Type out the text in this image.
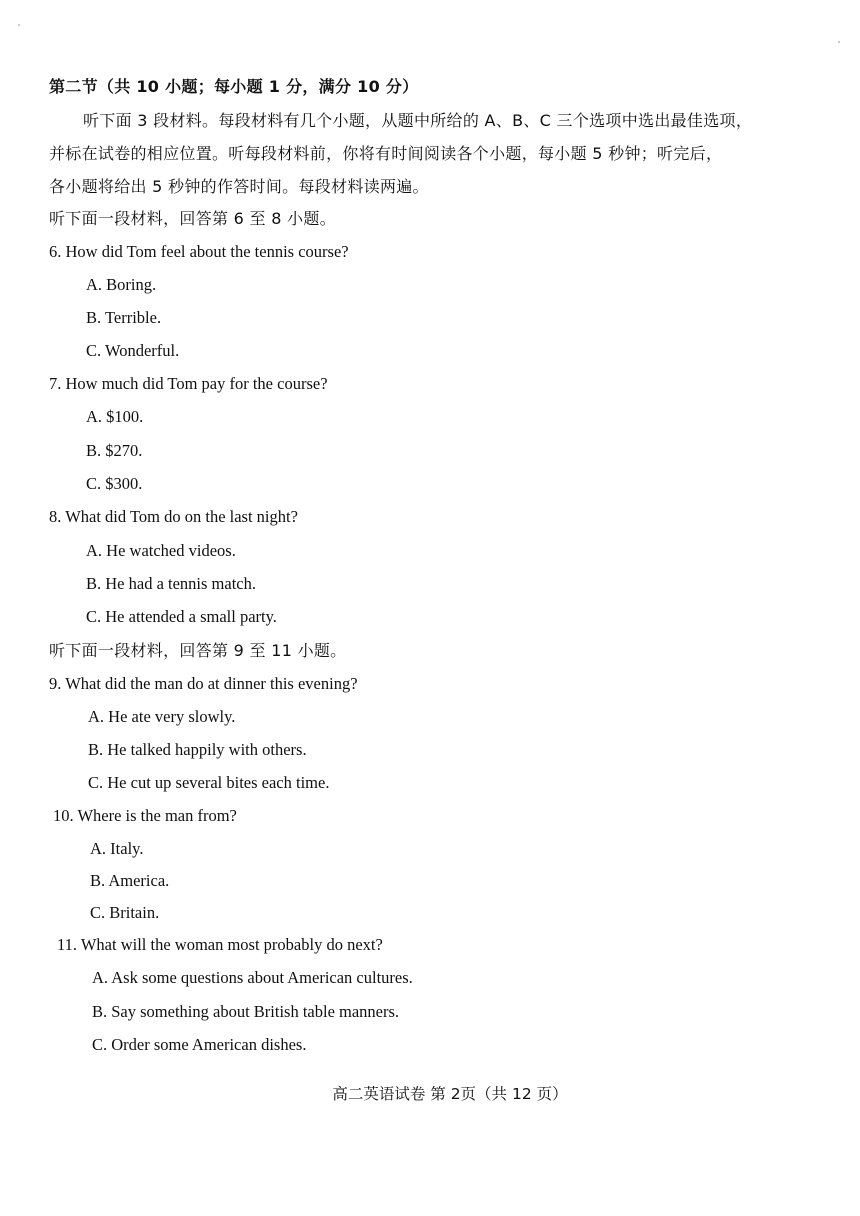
第二节（共 10 小题；每小题 1 分，满分 10 分）
听下面 3 段材料。每段材料有几个小题，从题中所给的 A、B、C 三个选项中选出最佳选项，
并标在试卷的相应位置。听每段材料前，你将有时间阅读各个小题，每小题 5 秒钟；听完后，
各小题将给出 5 秒钟的作答时间。每段材料读两遍。
听下面一段材料，回答第 6 至 8 小题。
6. How did Tom feel about the tennis course?
A. Boring.
B. Terrible.
C. Wonderful.
7. How much did Tom pay for the course?
A. $100.
B. $270.
C. $300.
8. What did Tom do on the last night?
A. He watched videos.
B. He had a tennis match.
C. He attended a small party.
听下面一段材料，回答第 9 至 11 小题。
9. What did the man do at dinner this evening?
A. He ate very slowly.
B. He talked happily with others.
C. He cut up several bites each time.
10. Where is the man from?
A. Italy.
B. America.
C. Britain.
11. What will the woman most probably do next?
A. Ask some questions about American cultures.
B. Say something about British table manners.
C. Order some American dishes.
高二英语试卷 第 2页（共 12 页）
